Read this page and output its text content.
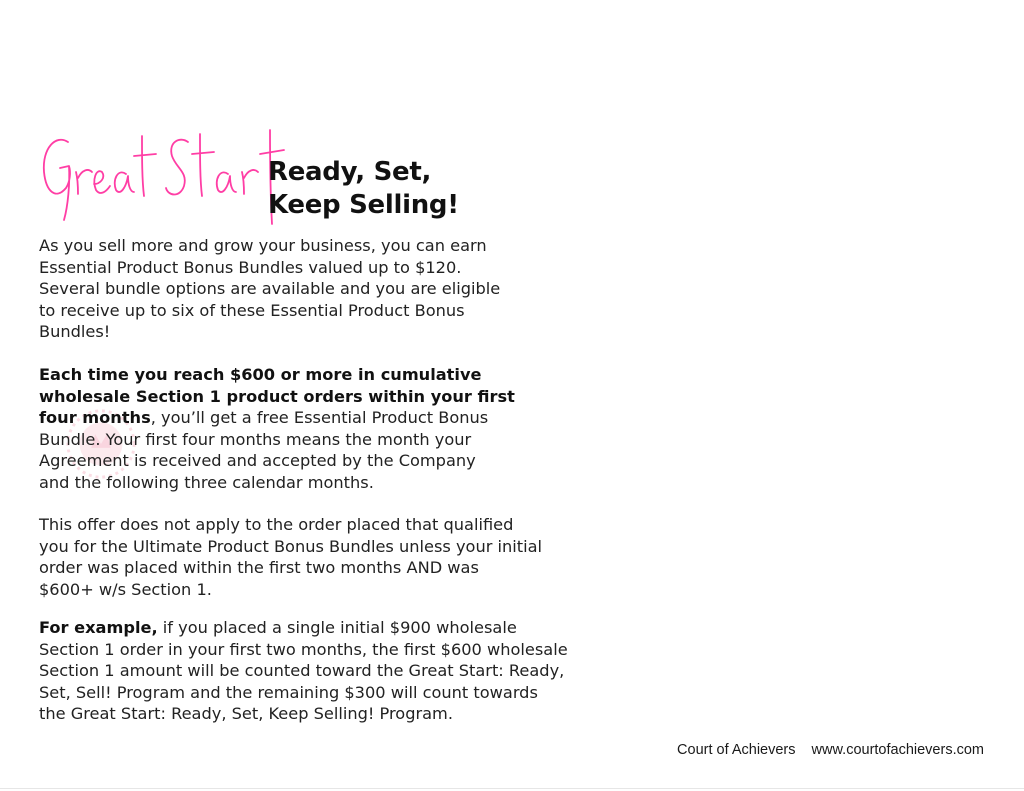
Ready, Set,
Keep Selling!
As you sell more and grow your business, you can earn
Essential Product Bonus Bundles valued up to $120.
Several bundle options are available and you are eligible
to receive up to six of these Essential Product Bonus
Bundles!
Each time you reach $600 or more in cumulative
wholesale Section 1 product orders within your first
four months, you’ll get a free Essential Product Bonus
Bundle. Your first four months means the month your
Agreement is received and accepted by the Company
and the following three calendar months.
This offer does not apply to the order placed that qualified
you for the Ultimate Product Bonus Bundles unless your initial
order was placed within the first two months AND was
$600+ w/s Section 1.
For example, if you placed a single initial $900 wholesale
Section 1 order in your first two months, the first $600 wholesale
Section 1 amount will be counted toward the Great Start: Ready,
Set, Sell! Program and the remaining $300 will count towards
the Great Start: Ready, Set, Keep Selling! Program.
Court of Achievers www.courtofachievers.com
